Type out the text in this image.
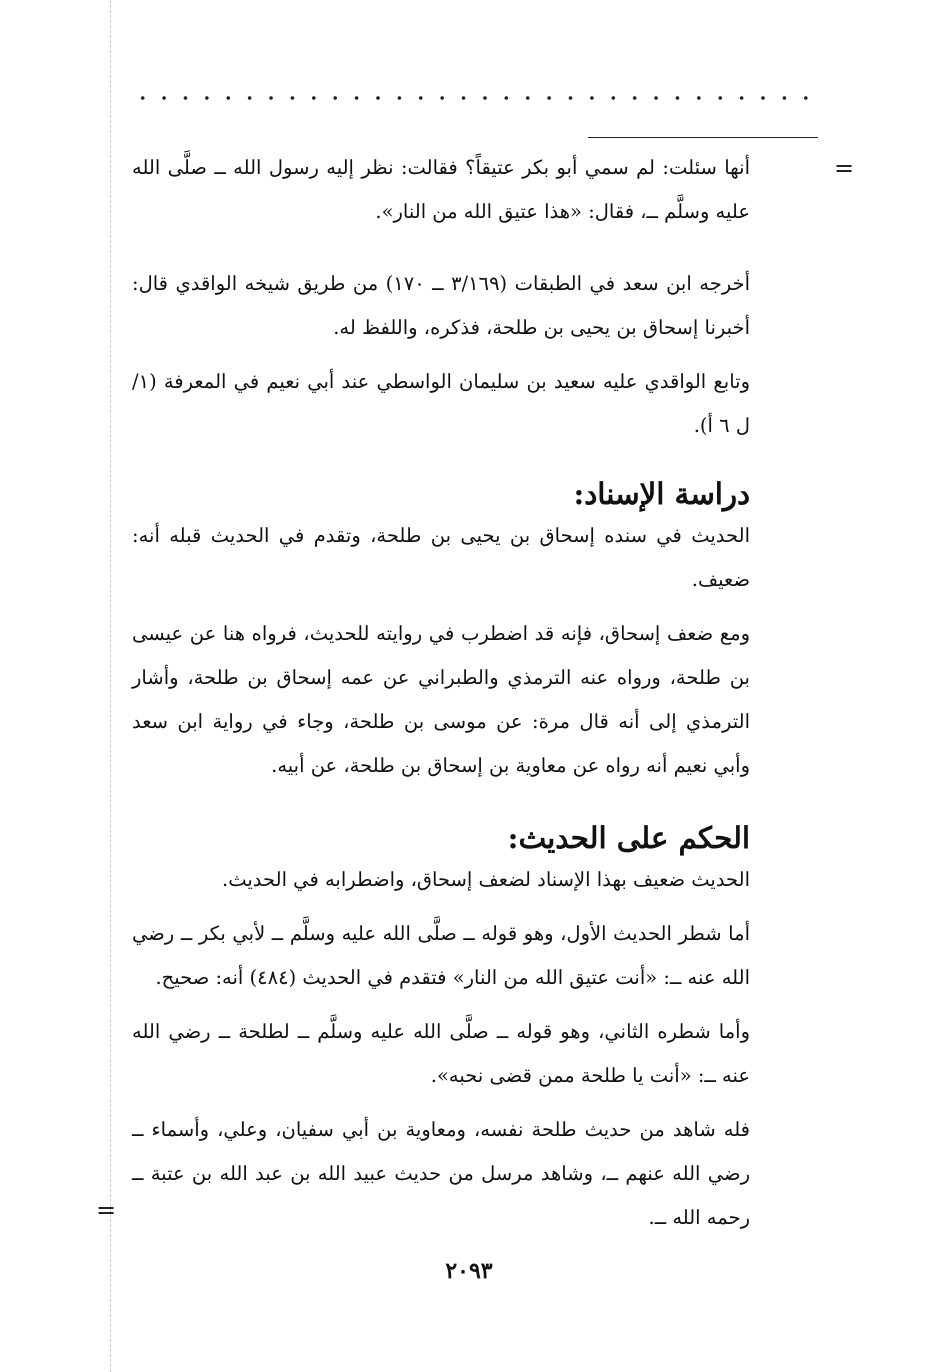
=
=

أنها سئلت: لم سمي أبو بكر عتيقاً؟ فقالت: نظر إليه رسول الله ــ صلَّى الله عليه وسلَّم ــ، فقال: «هذا عتيق الله من النار».

أخرجه ابن سعد في الطبقات (٣/١٦٩ ــ ١٧٠) من طريق شيخه الواقدي قال: أخبرنا إسحاق بن يحيى بن طلحة، فذكره، واللفظ له.

وتابع الواقدي عليه سعيد بن سليمان الواسطي عند أبي نعيم في المعرفة (١/ل ٦ أ).

دراسة الإسناد:

الحديث في سنده إسحاق بن يحيى بن طلحة، وتقدم في الحديث قبله أنه: ضعيف.

ومع ضعف إسحاق، فإنه قد اضطرب في روايته للحديث، فرواه هنا عن عيسى بن طلحة، ورواه عنه الترمذي والطبراني عن عمه إسحاق بن طلحة، وأشار الترمذي إلى أنه قال مرة: عن موسى بن طلحة، وجاء في رواية ابن سعد وأبي نعيم أنه رواه عن معاوية بن إسحاق بن طلحة، عن أبيه.

الحكم على الحديث:

الحديث ضعيف بهذا الإسناد لضعف إسحاق، واضطرابه في الحديث.

أما شطر الحديث الأول، وهو قوله ــ صلَّى الله عليه وسلَّم ــ لأبي بكر ــ رضي الله عنه ــ: «أنت عتيق الله من النار» فتقدم في الحديث (٤٨٤) أنه: صحيح.

وأما شطره الثاني، وهو قوله ــ صلَّى الله عليه وسلَّم ــ لطلحة ــ رضي الله عنه ــ: «أنت يا طلحة ممن قضى نحبه».

فله شاهد من حديث طلحة نفسه، ومعاوية بن أبي سفيان، وعلي، وأسماء ــ رضي الله عنهم ــ، وشاهد مرسل من حديث عبيد الله بن عبد الله بن عتبة ــ رحمه الله ــ.

٢٠٩٣
